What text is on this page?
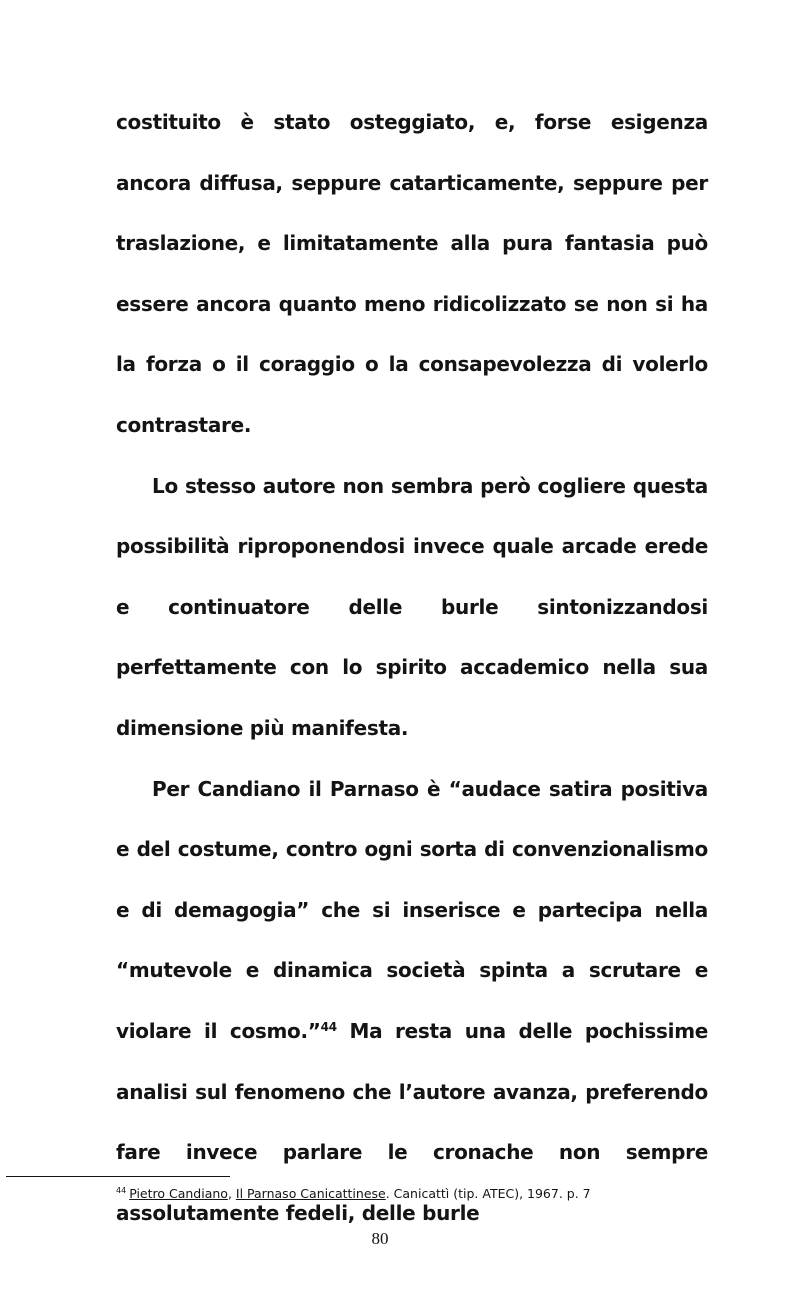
costituito è stato osteggiato, e, forse esigenza ancora diffusa, seppure catarticamente, seppure per traslazione, e limitatamente alla pura fantasia può essere ancora quanto meno ridicolizzato se non si ha la forza o il coraggio o la consapevolezza di volerlo contrastare.

Lo stesso autore non sembra però cogliere questa possibilità riproponendosi invece quale arcade erede e continuatore delle burle sintonizzandosi perfettamente con lo spirito accademico nella sua dimensione più manifesta.

Per Candiano il Parnaso è “audace satira positiva e del costume, contro ogni sorta di convenzionalismo e di demagogia” che si inserisce e partecipa nella “mutevole e dinamica società spinta a scrutare e violare il cosmo.”$^{44}$ Ma resta una delle pochissime analisi sul fenomeno che l’autore avanza, preferendo fare invece parlare le cronache non sempre assolutamente fedeli, delle burle

$^{44}$ Pietro Candiano, Il Parnaso Canicattinese. Canicattì (tip. ATEC), 1967. p. 7
80
